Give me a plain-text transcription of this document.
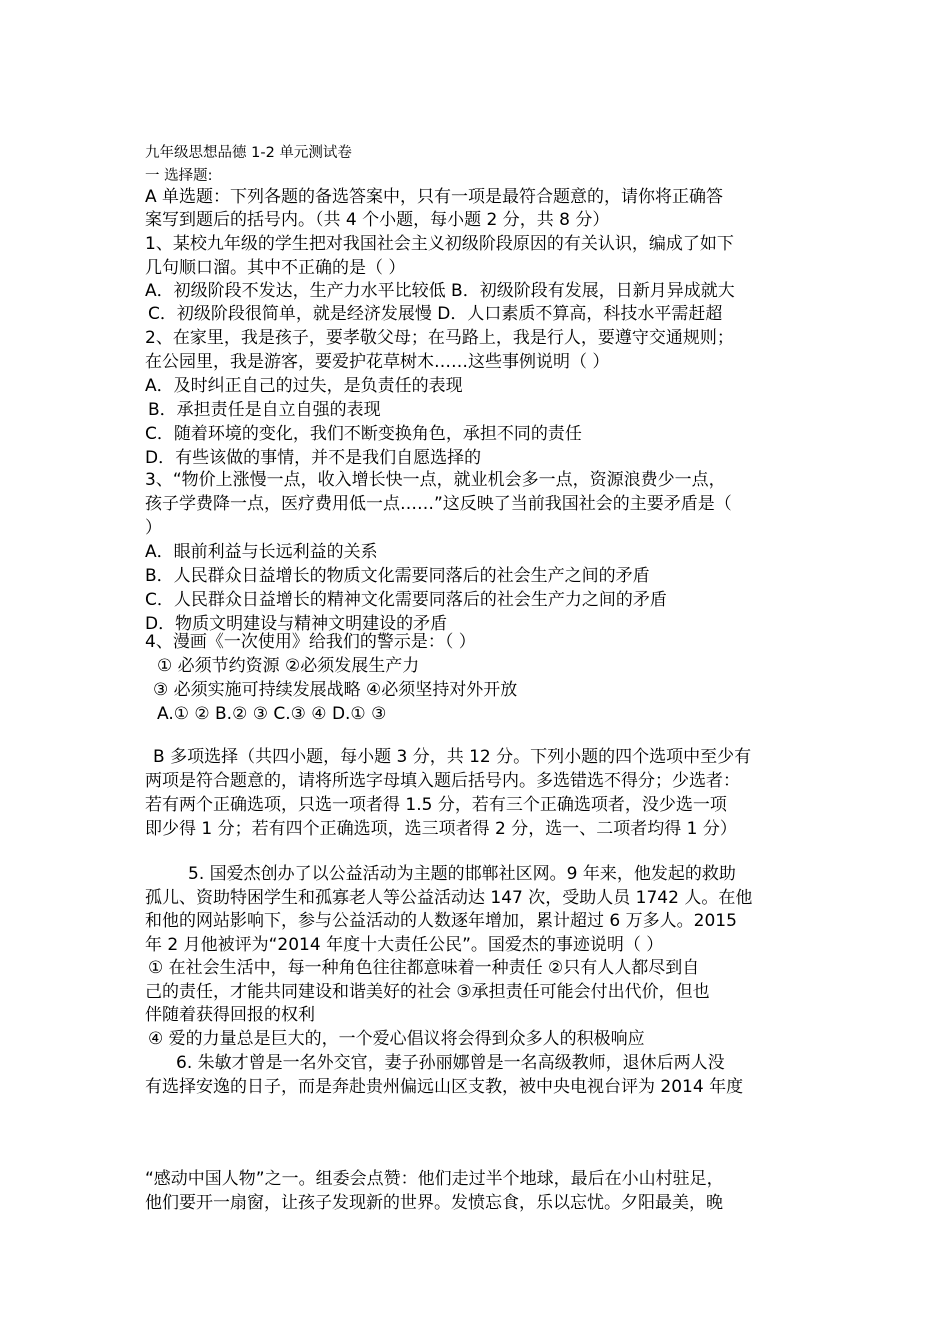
九年级思想品德 1-2 单元测试卷
一 选择题:
A 单选题：下列各题的备选答案中，只有一项是最符合题意的，请你将正确答
案写到题后的括号内。（共 4 个小题，每小题 2 分，共 8 分）
1、某校九年级的学生把对我国社会主义初级阶段原因的有关认识，编成了如下
几句顺口溜。其中不正确的是（ ）
A．初级阶段不发达，生产力水平比较低 B．初级阶段有发展，日新月异成就大
C．初级阶段很简单，就是经济发展慢 D．人口素质不算高，科技水平需赶超
2、在家里，我是孩子，要孝敬父母；在马路上，我是行人，要遵守交通规则；
在公园里，我是游客，要爱护花草树木……这些事例说明（ ）
A．及时纠正自己的过失，是负责任的表现
B．承担责任是自立自强的表现
C．随着环境的变化，我们不断变换角色，承担不同的责任
D．有些该做的事情，并不是我们自愿选择的
3、“物价上涨慢一点，收入增长快一点，就业机会多一点，资源浪费少一点，
孩子学费降一点，医疗费用低一点……”这反映了当前我国社会的主要矛盾是（
）
A．眼前利益与长远利益的关系
B．人民群众日益增长的物质文化需要同落后的社会生产之间的矛盾
C．人民群众日益增长的精神文化需要同落后的社会生产力之间的矛盾
D．物质文明建设与精神文明建设的矛盾
4、漫画《一次使用》给我们的警示是：（ ）
① 必须节约资源 ②必须发展生产力
③ 必须实施可持续发展战略 ④必须坚持对外开放
A.① ② B.② ③ C.③ ④ D.① ③
B 多项选择（共四小题，每小题 3 分，共 12 分。下列小题的四个选项中至少有
两项是符合题意的，请将所选字母填入题后括号内。多选错选不得分；少选者：
若有两个正确选项，只选一项者得 1.5 分，若有三个正确选项者，没少选一项
即少得 1 分；若有四个正确选项，选三项者得 2 分，选一、二项者均得 1 分）
5. 国爱杰创办了以公益活动为主题的邯郸社区网。9 年来，他发起的救助
孤儿、资助特困学生和孤寡老人等公益活动达 147 次，受助人员 1742 人。在他
和他的网站影响下，参与公益活动的人数逐年增加，累计超过 6 万多人。2015
年 2 月他被评为“2014 年度十大责任公民”。国爱杰的事迹说明（ ）
① 在社会生活中，每一种角色往往都意味着一种责任 ②只有人人都尽到自
己的责任，才能共同建设和谐美好的社会 ③承担责任可能会付出代价，但也
伴随着获得回报的权利
④ 爱的力量总是巨大的，一个爱心倡议将会得到众多人的积极响应
6. 朱敏才曾是一名外交官，妻子孙丽娜曾是一名高级教师，退休后两人没
有选择安逸的日子，而是奔赴贵州偏远山区支教，被中央电视台评为 2014 年度
“感动中国人物”之一。组委会点赞：他们走过半个地球，最后在小山村驻足，
他们要开一扇窗，让孩子发现新的世界。发愤忘食，乐以忘忧。夕阳最美，晚
